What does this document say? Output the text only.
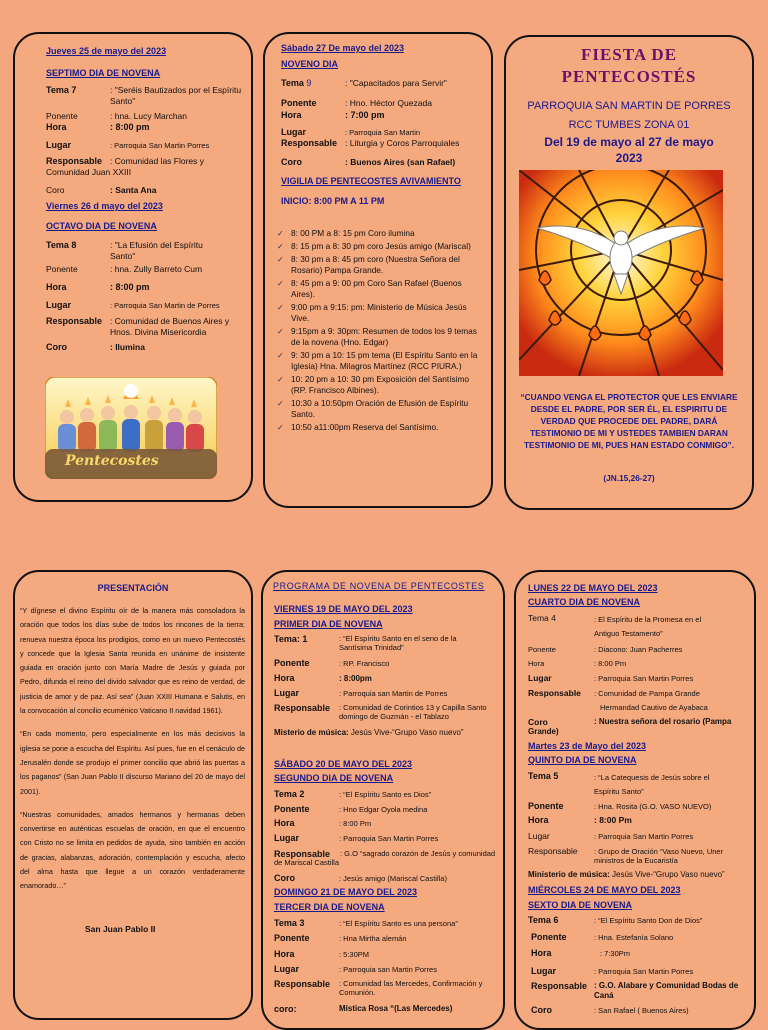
Jueves 25 de mayo del 2023
SEPTIMO DIA DE NOVENA
Tema 7	: "Seréis Bautizados por el Espíritu Santo"
Ponente	: hna. Lucy Marchan
Hora	: 8:00 pm
Lugar	: Parroquia San Martin Porres
Responsable : Comunidad las Flores y
Comunidad Juan XXIII
Coro	: Santa Ana
Viernes 26 d mayo del 2023
OCTAVO DIA DE NOVENA
Tema 8	: "La Efusión del Espíritu Santo"
Ponente	: hna. Zully Barreto Cum
Hora	: 8:00 pm
Lugar	: Parroquia San Martin de Porres
Responsable : Comunidad de Buenos Aires y Hnos. Divina Misericordia
Coro	: Ilumina
Pentecostes
Sábado 27 De mayo del 2023
NOVENO DIA
Tema 9	: "Capacitados para Servir"
Ponente	: Hno. Héctor Quezada
Hora	: 7:00 pm
Lugar	: Parroquia San Martin
Responsable : Liturgia y Coros Parroquiales
Coro	: Buenos Aires (san Rafael)
VIGILIA DE PENTECOSTES AVIVAMIENTO
INICIO: 8:00 PM A 11 PM
✓ 8: 00 PM a 8: 15 pm Coro ilumina
✓ 8: 15 pm a 8: 30 pm coro Jesús amigo (Mariscal)
✓ 8: 30 pm a 8: 45 pm coro (Nuestra Señora del Rosario) Pampa Grande.
✓ 8: 45 pm a 9: 00 pm Coro San Rafael (Buenos Aires).
✓ 9:00 pm a 9:15: pm: Ministerio de Música Jesús Vive.
✓ 9:15pm a 9: 30pm: Resumen de todos los 9 temas de la novena (Hno. Edgar)
✓ 9: 30 pm a 10: 15 pm tema (El Espíritu Santo en la Iglesia) Hna. Milagros Martínez (RCC PIURA.)
✓ 10: 20 pm a 10: 30 pm Exposición del Santísimo (RP. Francisco Albines).
✓ 10:30 a 10:50pm Oración de Efusión de Espíritu Santo.
✓ 10:50 a11:00pm Reserva del Santísimo.
FIESTA DE
PENTECOSTÉS
PARROQUIA SAN MARTIN DE PORRES
RCC TUMBES ZONA 01
Del 19 de mayo al 27 de mayo
2023
“CUANDO VENGA EL PROTECTOR QUE LES ENVIARE DESDE EL PADRE, POR SER ÉL, EL ESPIRITU DE VERDAD QUE PROCEDE DEL PADRE, DARÁ TESTIMONIO DE MI Y USTEDES TAMBIEN DARAN TESTIMONIO DE MI, PUES HAN ESTADO CONMIGO”.
(JN.15,26-27)
PRESENTACIÓN

“Y dígnese el divino Espíritu oír de la manera más consoladora la oración que todos los días sube de todos los rincones de la tierra: renueva nuestra época los prodigios, como en un nuevo Pentecostés y concede que la Iglesia Santa reunida en unánime de insistente guiada en oración junto con María Madre de Jesús y guiada por Pedro, difunda el reino del divido salvador que es reino de verdad, de justicia de amor y de paz. Así sea” (Juan XXIII Humana e Salutis, en la convocación al concilio ecuménico Vaticano II navidad 1961).

“En cada momento, pero especialmente en los más decisivos la iglesia se pone a escucha del Espíritu. Así pues, fue en el cenáculo de Jerusalén donde se produjo el primer concilio que abrió las puertas a los paganos” (San Juan Pablo II discurso Mariano del 20 de mayo del 2001).

“Nuestras comunidades, amados hermanos y hermanas deben convertirse en auténticas escuelas de oración, en que el encuentro con Cristo no se limita en pedidos de ayuda, sino también en acción de gracias, alabanzas, adoración, contemplación y escucha, afecto del alma hasta que llegue a un corazón verdaderamente enamorado…”

San Juan Pablo II
PROGRAMA DE NOVENA DE PENTECOSTES
VIERNES 19 DE MAYO DEL 2023
PRIMER DIA DE NOVENA
Tema: 1	: “El Espíritu Santo en el seno de la Santísima Trinidad”
Ponente	: RP. Francisco
Hora	: 8:00pm
Lugar	: Parroquia san Martin de Porres
Responsable : Comunidad de Corintios 13 y Capilla Santo domingo de Guzmán - el Tablazo
Misterio de música: Jesús Vive-“Grupo Vaso nuevo”
SÁBADO 20 DE MAYO DEL 2023
SEGUNDO DIA DE NOVENA
Tema 2	: “El Espíritu Santo es Dios”
Ponente	: Hno Edgar Oyola medina
Hora	: 8:00 Pm
Lugar	: Parroquia San Martin Porres
Responsable	: G.O “sagrado corazón de Jesús y comunidad de Mariscal Castilla
Coro	: Jesús amigo (Mariscal Castilla)
DOMINGO 21 DE MAYO DEL 2023
TERCER DIA DE NOVENA
Tema 3	: “El Espíritu Santo es una persona”
Ponente	: Hna Mirtha alemán
Hora	: 5:30PM
Lugar	: Parroquia san Martin Porres
Responsable : Comunidad las Mercedes, Confirmación y Comunión.
coro:	Mística Rosa “(Las Mercedes)
LUNES 22 DE MAYO DEL 2023
CUARTO DIA DE NOVENA
Tema 4	: El Espíritu de la Promesa en el Antiguo Testamento”
Ponente	: Diacono: Juan Pacherres
Hora	: 8:00 Pm
Lugar	: Parroquia San Martin Porres
Responsable : Comunidad de Pampa Grande
Hermandad Cautivo de Ayabaca
Coro	: Nuestra señora del rosario (Pampa Grande)
Martes 23 de Mayo del 2023
QUINTO DIA DE NOVENA
Tema 5	: “La Catequesis de Jesús sobre el Espíritu Santo”
Ponente	: Hna. Rosita (G.O. VASO NUEVO)
Hora	: 8:00 Pm
Lugar	: Parroquia San Martin Porres
Responsable : Grupo de Oración “Vaso Nuevo, Uner ministros de la Eucaristía
Ministerio de música: Jesús Vive-“Grupo Vaso nuevo”
MIÉRCOLES 24 DE MAYO DEL 2023
SEXTO DIA DE NOVENA
Tema 6	: “El Espíritu Santo Don de Dios”
Ponente	: Hna. Estefanía Solano
Hora	: 7:30Pm
Lugar	: Parroquia San Martin Porres
Responsable : G.O. Alabare y Comunidad Bodas de Caná
Coro	: San Rafael ( Buenos Aires)
